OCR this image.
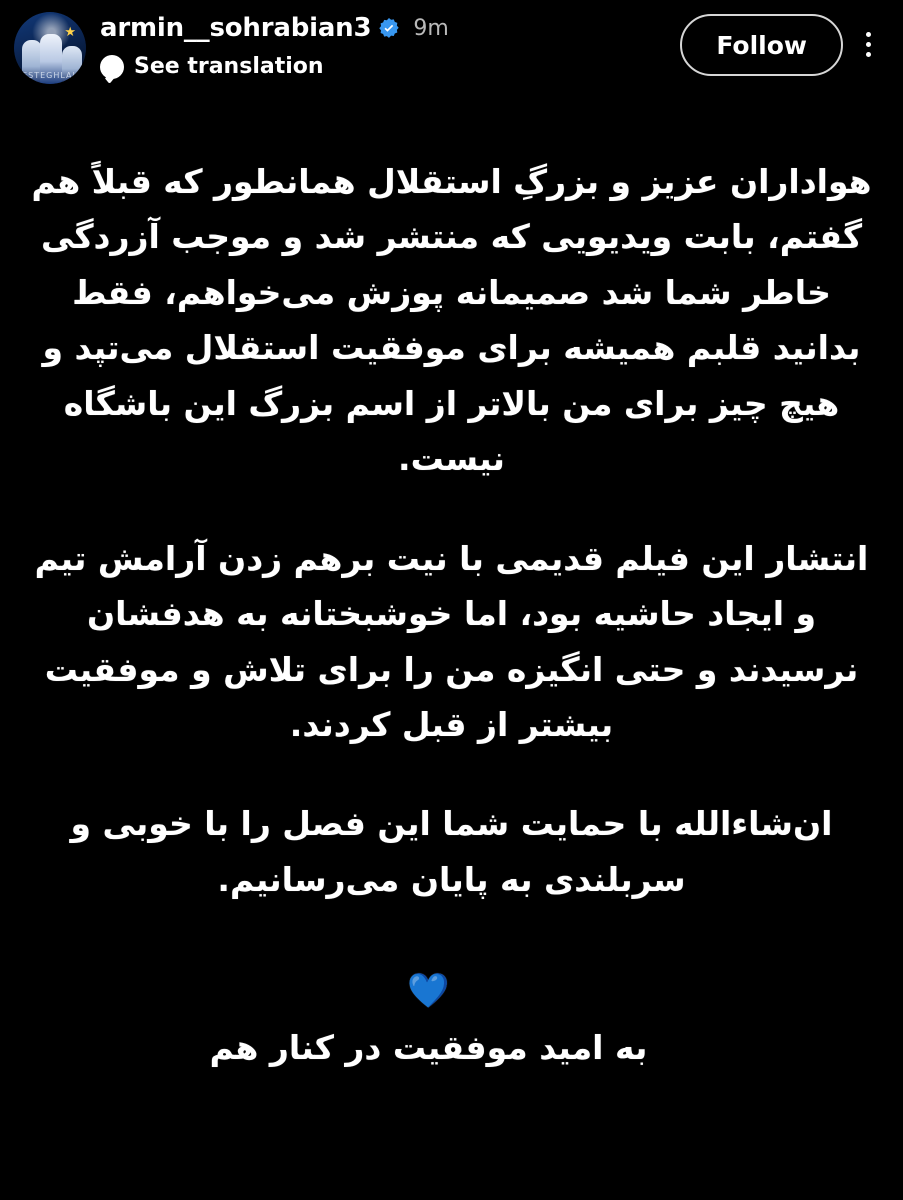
★
ESTEGHLAL
armin__sohrabian3 9m
See translation
Follow

هواداران عزیز و بزرگِ استقلال همانطور که قبلاً هم گفتم، بابت ویدیویی که منتشر شد و موجب آزردگی خاطر شما شد صمیمانه پوزش می‌خواهم، فقط بدانید قلبم همیشه برای موفقیت استقلال می‌تپد و هیچ چیز برای من بالاتر از اسم بزرگ این باشگاه نیست.

انتشار این فیلم قدیمی با نیت برهم زدن آرامش تیم و ایجاد حاشیه بود، اما خوشبختانه به هدفشان نرسیدند و حتی انگیزه من را برای تلاش و موفقیت بیشتر از قبل کردند.

ان‌شاءالله با حمایت شما این فصل را با خوبی و سربلندی به پایان می‌رسانیم.

💙
به امید موفقیت در کنار هم
